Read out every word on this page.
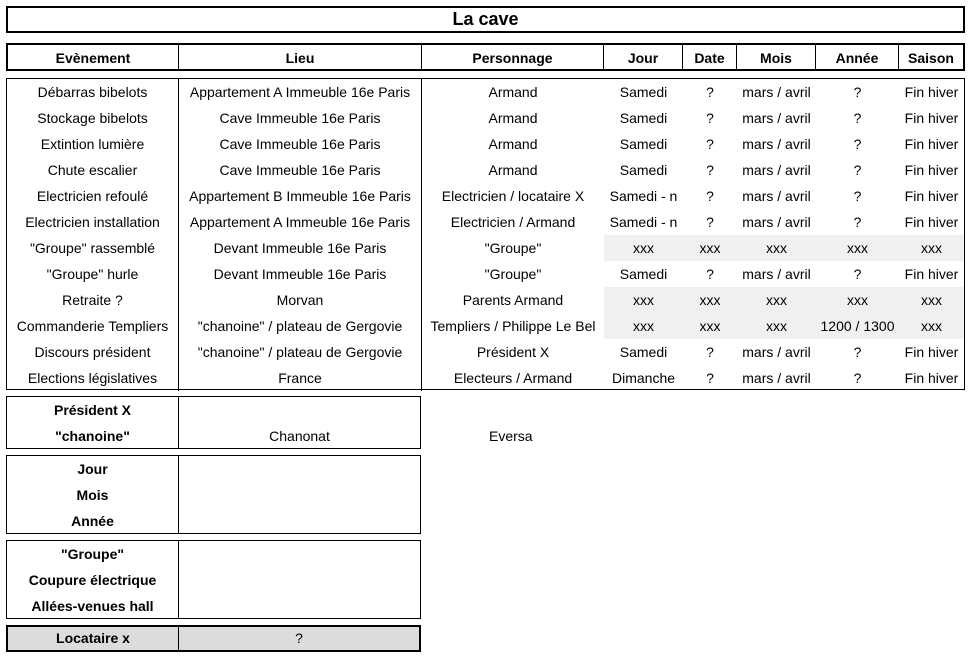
La cave
Evènement	Lieu	Personnage	Jour	Date	Mois	Année	Saison
Débarras bibelots	Appartement A Immeuble 16e Paris	Armand	Samedi	?	mars / avril	?	Fin hiver
Stockage bibelots	Cave Immeuble 16e Paris	Armand	Samedi	?	mars / avril	?	Fin hiver
Extintion lumière	Cave Immeuble 16e Paris	Armand	Samedi	?	mars / avril	?	Fin hiver
Chute escalier	Cave Immeuble 16e Paris	Armand	Samedi	?	mars / avril	?	Fin hiver
Electricien refoulé	Appartement B Immeuble 16e Paris	Electricien / locataire X	Samedi - n	?	mars / avril	?	Fin hiver
Electricien installation	Appartement A Immeuble 16e Paris	Electricien / Armand	Samedi - n	?	mars / avril	?	Fin hiver
"Groupe" rassemblé	Devant Immeuble 16e Paris	"Groupe"	xxx	xxx	xxx	xxx	xxx
"Groupe" hurle	Devant Immeuble 16e Paris	"Groupe"	Samedi	?	mars / avril	?	Fin hiver
Retraite ?	Morvan	Parents Armand	xxx	xxx	xxx	xxx	xxx
Commanderie Templiers	"chanoine" / plateau de Gergovie	Templiers / Philippe Le Bel	xxx	xxx	xxx	1200 / 1300	xxx
Discours président	"chanoine" / plateau de Gergovie	Président X	Samedi	?	mars / avril	?	Fin hiver
Elections législatives	France	Electeurs / Armand	Dimanche	?	mars / avril	?	Fin hiver
Président X
"chanoine"	Chanonat	Eversa
Jour
Mois
Année
"Groupe"
Coupure électrique
Allées-venues hall
Locataire x	?
